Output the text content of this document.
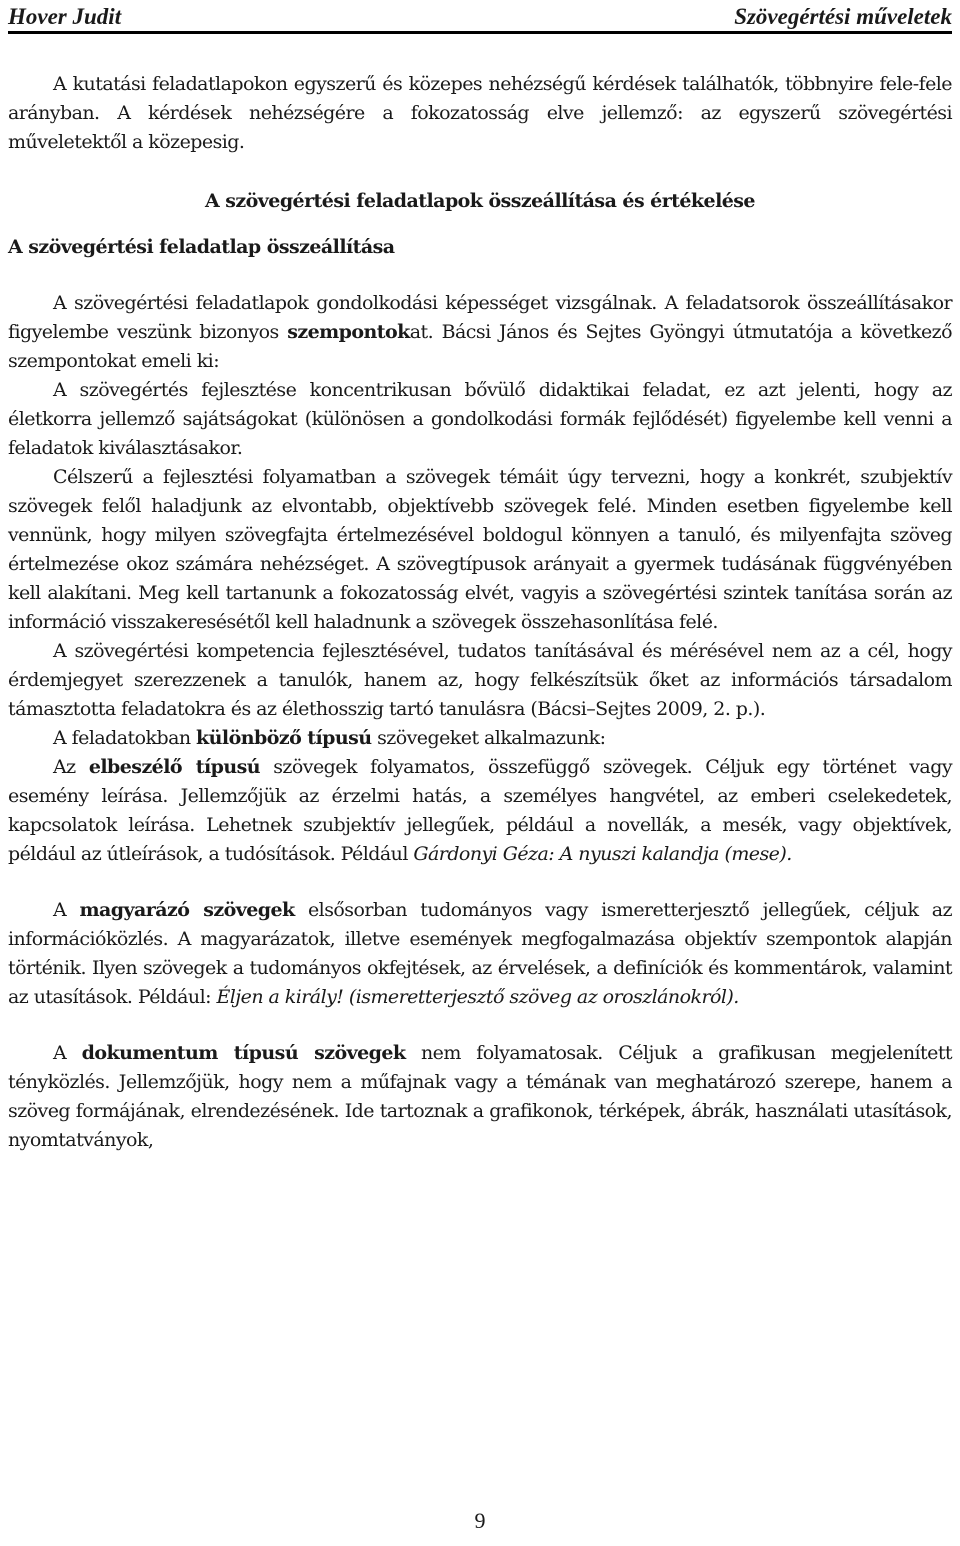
Hover Judit	Szövegértési műveletek

A kutatási feladatlapokon egyszerű és közepes nehézségű kérdések találhatók, többnyire fele-fele arányban. A kérdések nehézségére a fokozatosság elve jellemző: az egyszerű szövegértési műveletektől a közepesig.

A szövegértési feladatlapok összeállítása és értékelése

A szövegértési feladatlap összeállítása

A szövegértési feladatlapok gondolkodási képességet vizsgálnak. A feladatsorok összeállításakor figyelembe veszünk bizonyos szempontokat. Bácsi János és Sejtes Gyöngyi útmutatója a következő szempontokat emeli ki:

A szövegértés fejlesztése koncentrikusan bővülő didaktikai feladat, ez azt jelenti, hogy az életkorra jellemző sajátságokat (különösen a gondolkodási formák fejlődését) figyelembe kell venni a feladatok kiválasztásakor.

Célszerű a fejlesztési folyamatban a szövegek témáit úgy tervezni, hogy a konkrét, szubjektív szövegek felől haladjunk az elvontabb, objektívebb szövegek felé. Minden esetben figyelembe kell vennünk, hogy milyen szövegfajta értelmezésével boldogul könnyen a tanuló, és milyenfajta szöveg értelmezése okoz számára nehézséget. A szövegtípusok arányait a gyermek tudásának függvényében kell alakítani. Meg kell tartanunk a fokozatosság elvét, vagyis a szövegértési szintek tanítása során az információ visszakeresésétől kell haladnunk a szövegek összehasonlítása felé.

A szövegértési kompetencia fejlesztésével, tudatos tanításával és mérésével nem az a cél, hogy érdemjegyet szerezzenek a tanulók, hanem az, hogy felkészítsük őket az információs társadalom támasztotta feladatokra és az élethosszig tartó tanulásra (Bácsi–Sejtes 2009, 2. p.).

A feladatokban különböző típusú szövegeket alkalmazunk:

Az elbeszélő típusú szövegek folyamatos, összefüggő szövegek. Céljuk egy történet vagy esemény leírása. Jellemzőjük az érzelmi hatás, a személyes hangvétel, az emberi cselekedetek, kapcsolatok leírása. Lehetnek szubjektív jellegűek, például a novellák, a mesék, vagy objektívek, például az útleírások, a tudósítások. Például Gárdonyi Géza: A nyuszi kalandja (mese).

A magyarázó szövegek elsősorban tudományos vagy ismeretterjesztő jellegűek, céljuk az információközlés. A magyarázatok, illetve események megfogalmazása objektív szempontok alapján történik. Ilyen szövegek a tudományos okfejtések, az érvelések, a definíciók és kommentárok, valamint az utasítások. Például: Éljen a király! (ismeretterjesztő szöveg az oroszlánokról).

A dokumentum típusú szövegek nem folyamatosak. Céljuk a grafikusan megjelenített tényközlés. Jellemzőjük, hogy nem a műfajnak vagy a témának van meghatározó szerepe, hanem a szöveg formájának, elrendezésének. Ide tartoznak a grafikonok, térképek, ábrák, használati utasítások, nyomtatványok,

9
